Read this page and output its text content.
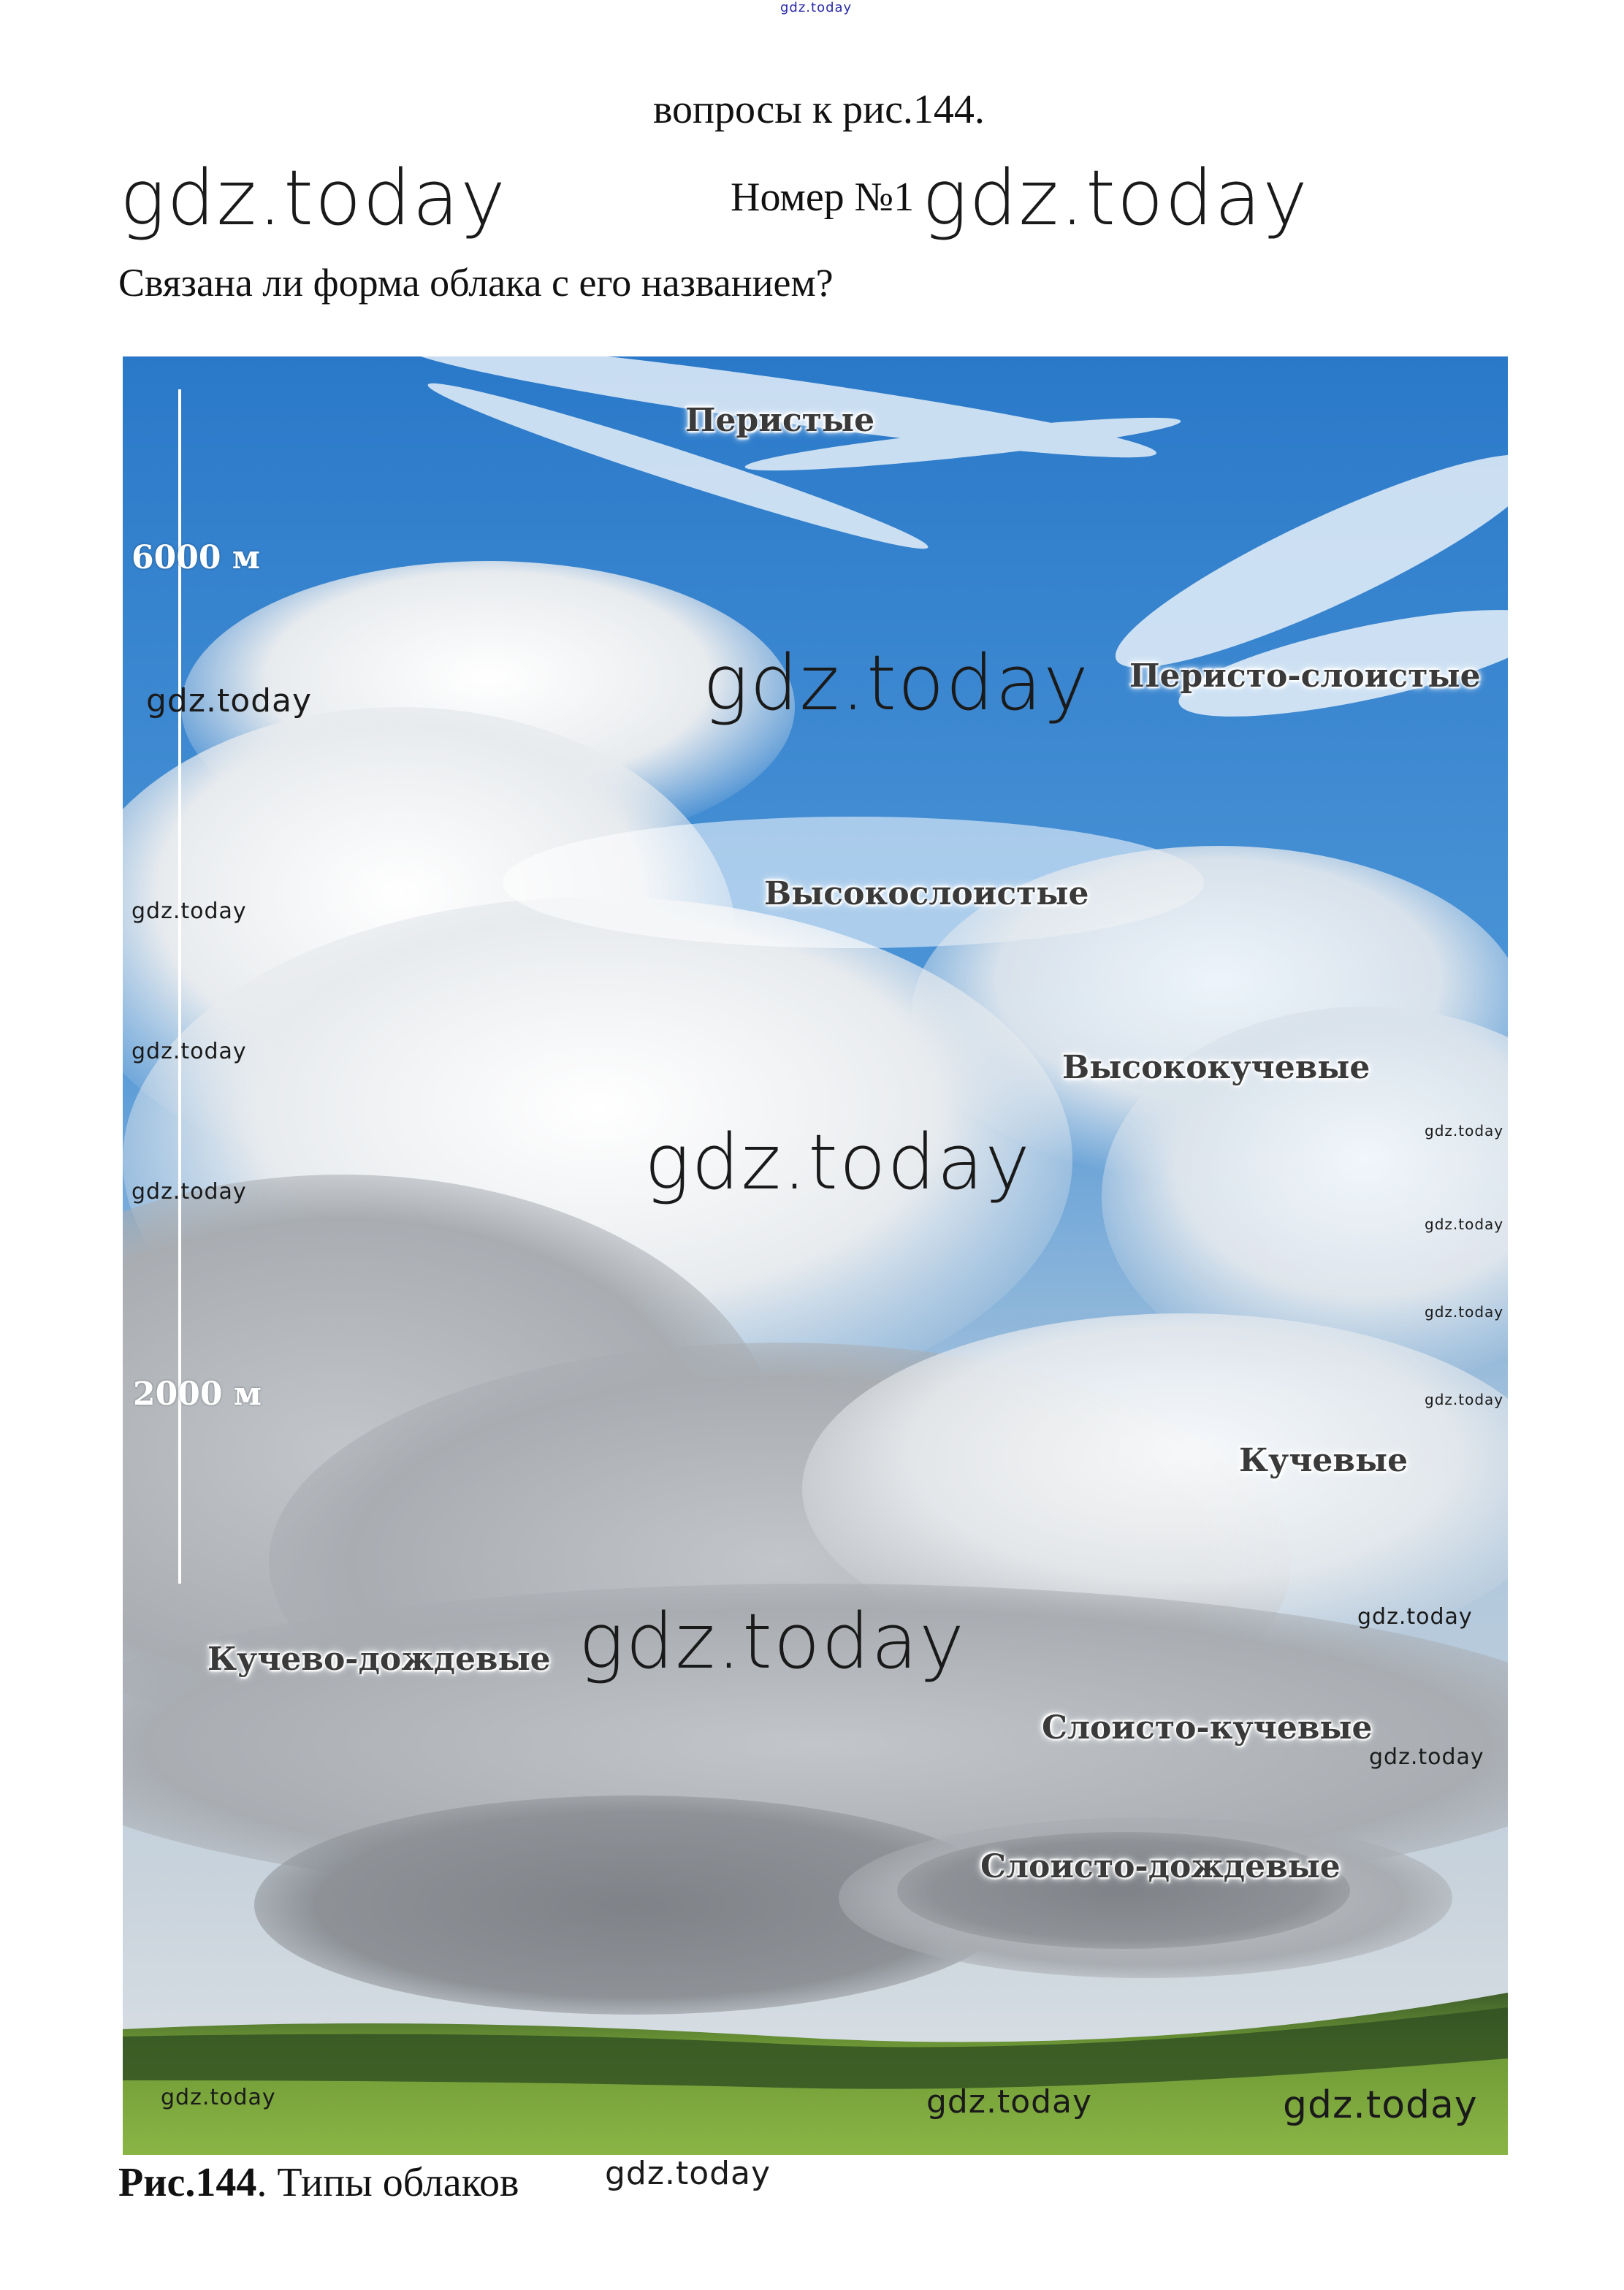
gdz.today
вопросы к рис.144.
gdz.today	Номер №1 gdz.today
Связана ли форма облака с его названием?
6000 м
2000 м
Перистые
Перисто-слоистые
Высокослоистые
Высококучевые
Кучевые
Кучево-дождевые
Слоисто-кучевые
Слоисто-дождевые
gdz.today
gdz.today
gdz.today
gdz.today
gdz.today
gdz.today
gdz.today
gdz.today
gdz.today
gdz.today
gdz.today
gdz.today
gdz.today
gdz.today	gdz.today	gdz.today
Рис.144. Типы облаков	gdz.today
